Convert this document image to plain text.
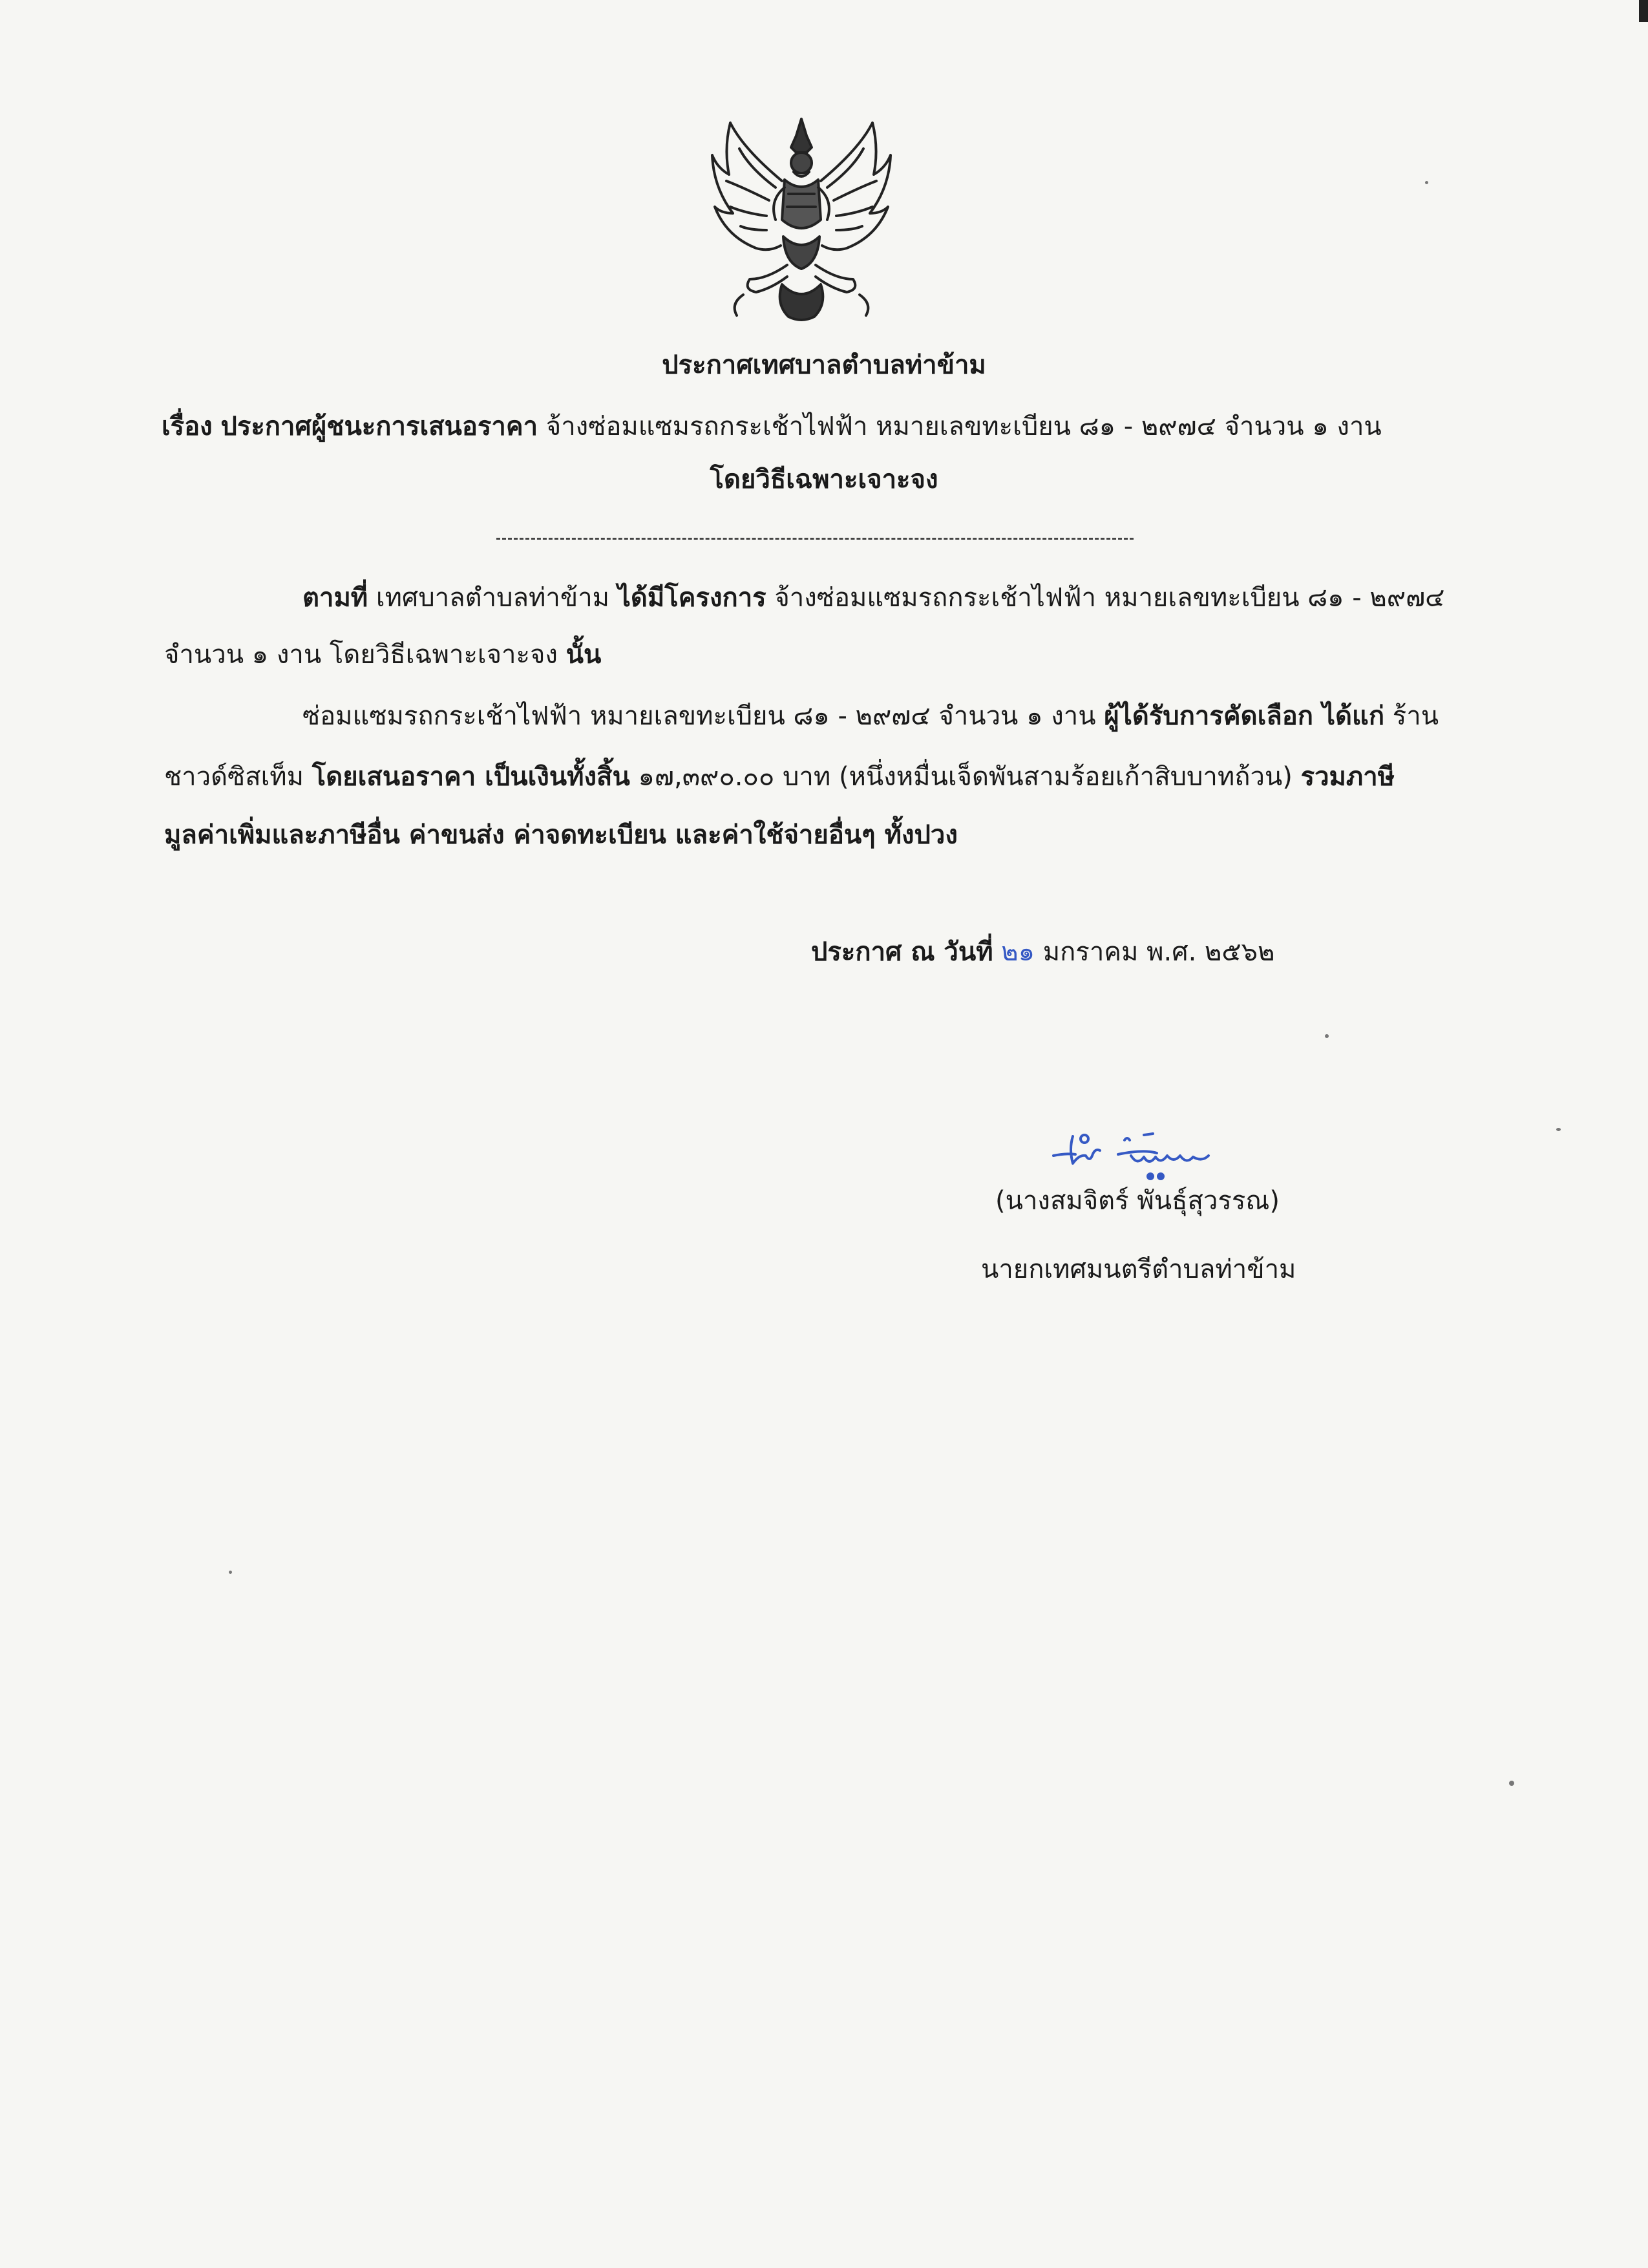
ประกาศเทศบาลตำบลท่าข้าม
เรื่อง ประกาศผู้ชนะการเสนอราคา จ้างซ่อมแซมรถกระเช้าไฟฟ้า หมายเลขทะเบียน ๘๑ - ๒๙๗๔ จำนวน ๑ งาน
โดยวิธีเฉพาะเจาะจง
ตามที่ เทศบาลตำบลท่าข้าม ได้มีโครงการ จ้างซ่อมแซมรถกระเช้าไฟฟ้า หมายเลขทะเบียน ๘๑ - ๒๙๗๔
จำนวน ๑ งาน โดยวิธีเฉพาะเจาะจง นั้น
ซ่อมแซมรถกระเช้าไฟฟ้า หมายเลขทะเบียน ๘๑ - ๒๙๗๔ จำนวน ๑ งาน ผู้ได้รับการคัดเลือก ได้แก่ ร้าน
ชาวด์ซิสเท็ม โดยเสนอราคา เป็นเงินทั้งสิ้น ๑๗,๓๙๐.๐๐ บาท (หนึ่งหมื่นเจ็ดพันสามร้อยเก้าสิบบาทถ้วน) รวมภาษี
มูลค่าเพิ่มและภาษีอื่น ค่าขนส่ง ค่าจดทะเบียน และค่าใช้จ่ายอื่นๆ ทั้งปวง
ประกาศ ณ วันที่ ๒๑ มกราคม พ.ศ. ๒๕๖๒
(นางสมจิตร์ พันธุ์สุวรรณ)
นายกเทศมนตรีตำบลท่าข้าม
